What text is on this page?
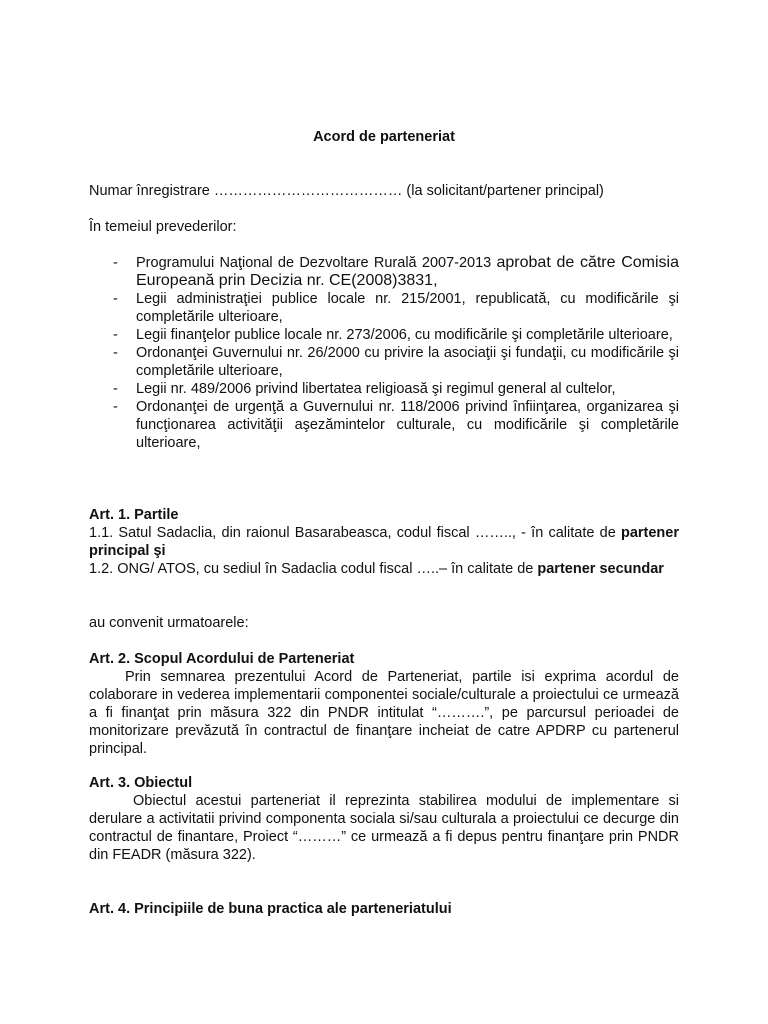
Acord de parteneriat
Numar înregistrare ………………………………… (la solicitant/partener principal)
În temeiul prevederilor:
- Programului Naţional de Dezvoltare Rurală 2007-2013 aprobat de către Comisia Europeană prin Decizia nr. CE(2008)3831,
- Legii administraţiei publice locale nr. 215/2001, republicată, cu modificările şi completările ulterioare,
- Legii finanţelor publice locale nr. 273/2006, cu modificările şi completările ulterioare,
- Ordonanţei Guvernului nr. 26/2000 cu privire la asociaţii şi fundaţii, cu modificările şi completările ulterioare,
- Legii nr. 489/2006 privind libertatea religioasă şi regimul general al cultelor,
- Ordonanţei de urgenţă a Guvernului nr. 118/2006 privind înfiinţarea, organizarea şi funcţionarea activităţii aşezămintelor culturale, cu modificările şi completările ulterioare,
Art. 1. Partile
1.1. Satul Sadaclia, din raionul Basarabeasca, codul fiscal …….., - în calitate de partener principal şi
1.2. ONG/ ATOS, cu sediul în Sadaclia codul fiscal …..– în calitate de partener secundar
au convenit urmatoarele:
Art. 2. Scopul Acordului de Parteneriat
Prin semnarea prezentului Acord de Parteneriat, partile isi exprima acordul de colaborare in vederea implementarii componentei sociale/culturale a proiectului ce urmează a fi finanţat prin măsura 322 din PNDR intitulat “……….”, pe parcursul perioadei de monitorizare prevăzută în contractul de finanţare incheiat de catre APDRP cu partenerul principal.
Art. 3. Obiectul
Obiectul acestui parteneriat il reprezinta stabilirea modului de implementare si derulare a activitatii privind componenta sociala si/sau culturala a proiectului ce decurge din contractul de finantare, Proiect “………” ce urmează a fi depus pentru finanţare prin PNDR din FEADR (măsura 322).
Art. 4. Principiile de buna practica ale parteneriatului
